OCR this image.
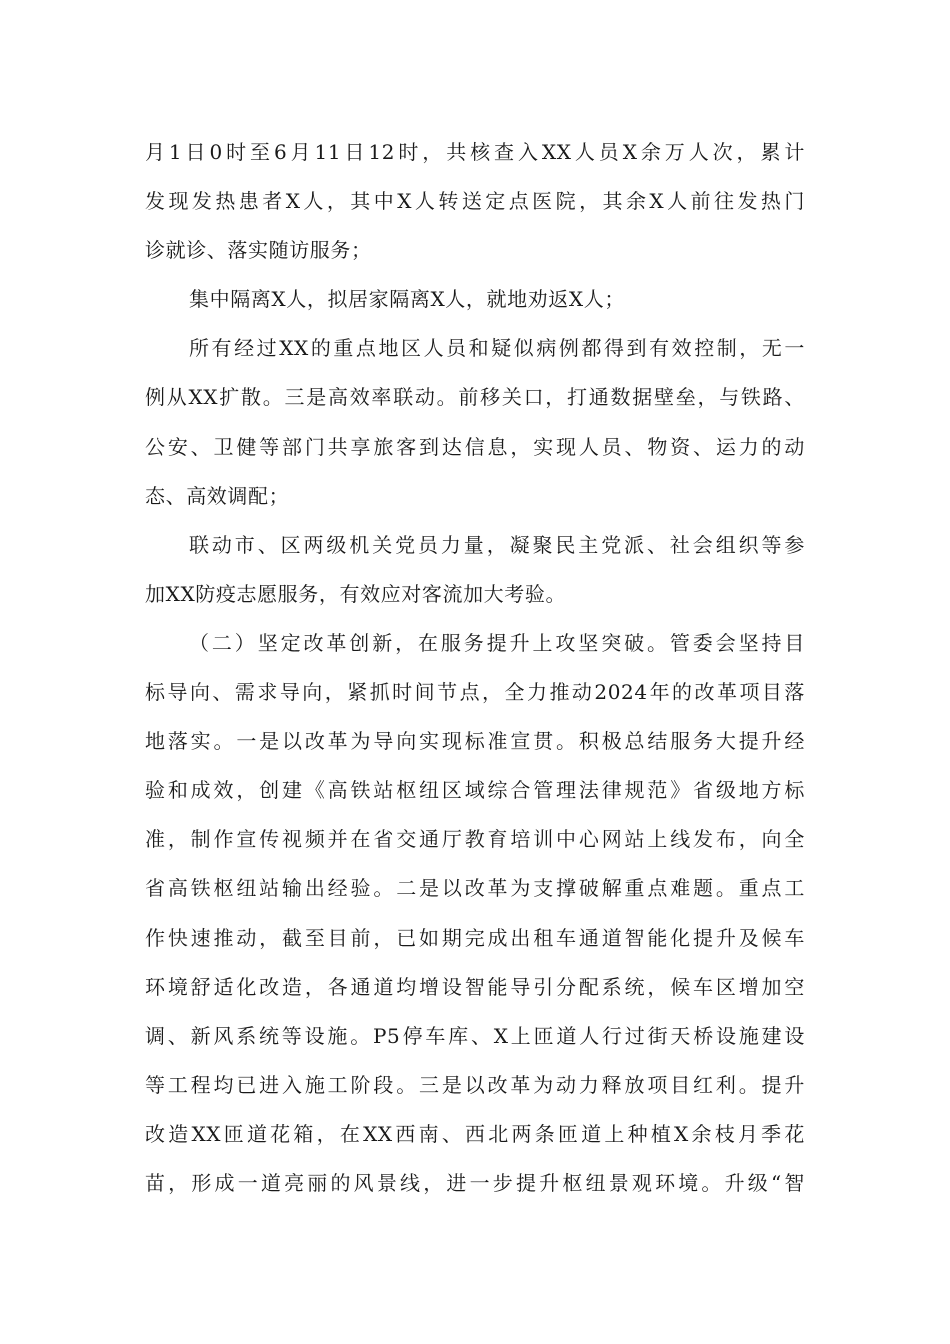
月1日0时至6月11日12时，共核查入XX人员X余万人次，累计
发现发热患者X人，其中X人转送定点医院，其余X人前往发热门
诊就诊、落实随访服务；
集中隔离X人，拟居家隔离X人，就地劝返X人；
所有经过XX的重点地区人员和疑似病例都得到有效控制，无一
例从XX扩散。三是高效率联动。前移关口，打通数据壁垒，与铁路、
公安、卫健等部门共享旅客到达信息，实现人员、物资、运力的动
态、高效调配；
联动市、区两级机关党员力量，凝聚民主党派、社会组织等参
加XX防疫志愿服务，有效应对客流加大考验。
（二）坚定改革创新，在服务提升上攻坚突破。管委会坚持目
标导向、需求导向，紧抓时间节点，全力推动2024年的改革项目落
地落实。一是以改革为导向实现标准宣贯。积极总结服务大提升经
验和成效，创建《高铁站枢纽区域综合管理法律规范》省级地方标
准，制作宣传视频并在省交通厅教育培训中心网站上线发布，向全
省高铁枢纽站输出经验。二是以改革为支撑破解重点难题。重点工
作快速推动，截至目前，已如期完成出租车通道智能化提升及候车
环境舒适化改造，各通道均增设智能导引分配系统，候车区增加空
调、新风系统等设施。P5停车库、X上匝道人行过街天桥设施建设
等工程均已进入施工阶段。三是以改革为动力释放项目红利。提升
改造XX匝道花箱，在XX西南、西北两条匝道上种植X余枝月季花
苗，形成一道亮丽的风景线，进一步提升枢纽景观环境。升级“智
